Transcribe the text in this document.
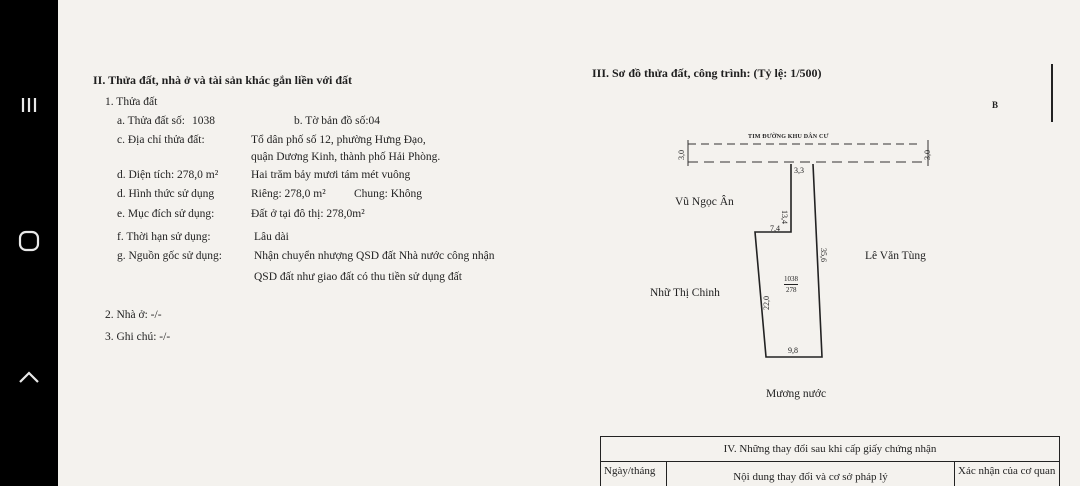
II. Thửa đất, nhà ở và tài sản khác gắn liền với đất
1. Thửa đất
a. Thửa đất số: 1038	b. Tờ bản đồ số:04
c. Địa chỉ thửa đất:	Tổ dân phố số 12, phường Hưng Đạo,
quận Dương Kinh, thành phố Hải Phòng.
d. Diện tích: 278,0 m²	Hai trăm bảy mươi tám mét vuông
d. Hình thức sử dụng	Riêng: 278,0 m² Chung: Không
e. Mục đích sử dụng:	Đất ở tại đô thị: 278,0m²
f. Thời hạn sử dụng:	Lâu dài
g. Nguồn gốc sử dụng:	Nhận chuyển nhượng QSD đất Nhà nước công nhận
QSD đất như giao đất có thu tiền sử dụng đất
2. Nhà ở: -/-
3. Ghi chú: -/-
III. Sơ đồ thửa đất, công trình: (Tỷ lệ: 1/500)
B
TIM ĐƯỜNG KHU DÂN CƯ
3,0	3,0
3,3
13,4
7,4
35,6
22,0
9,8
1038
278
Vũ Ngọc Ân
Lê Văn Tùng
Nhữ Thị Chinh
Mương nước
IV. Những thay đổi sau khi cấp giấy chứng nhận
Ngày/tháng	Nội dung thay đổi và cơ sở pháp lý	Xác nhận của cơ quan
